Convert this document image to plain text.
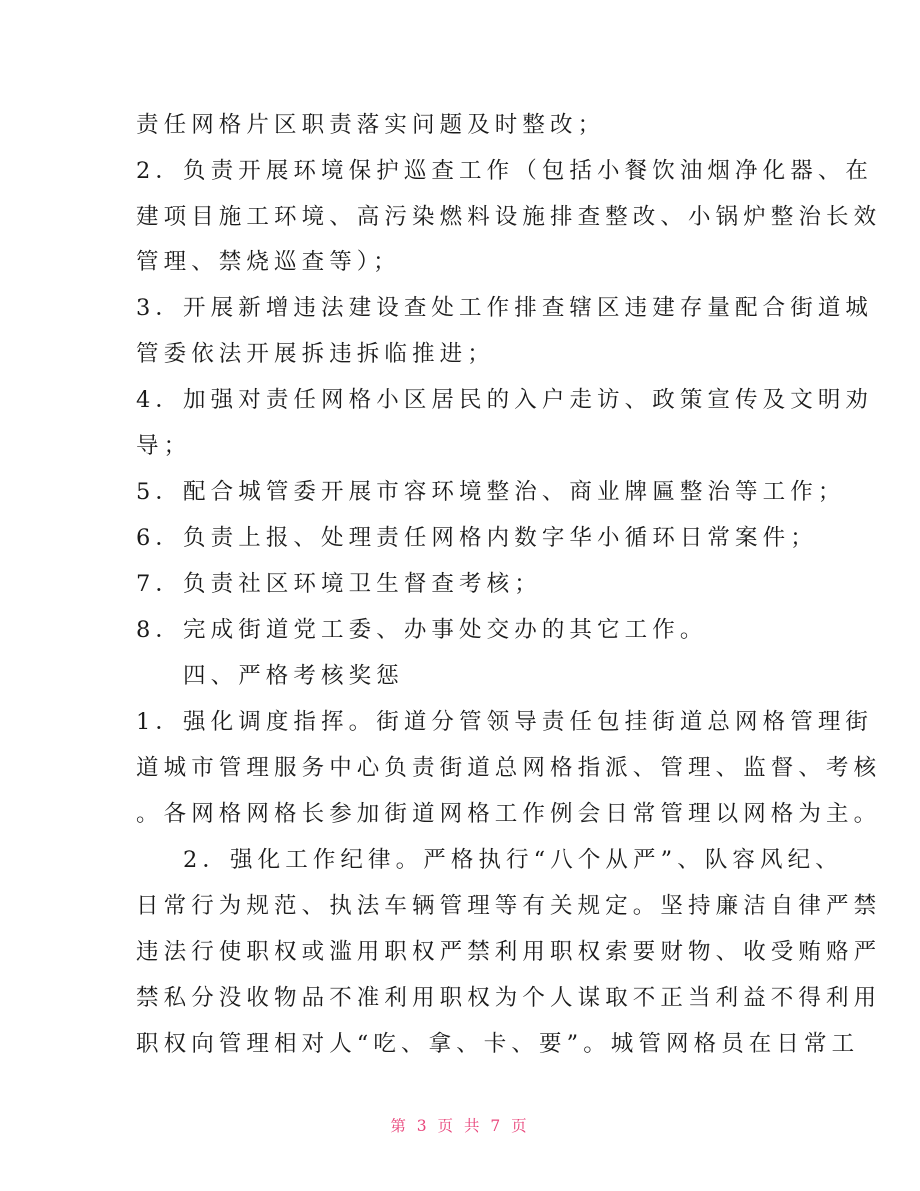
责任网格片区职责落实问题及时整改；
2．负责开展环境保护巡查工作（包括小餐饮油烟净化器、在
建项目施工环境、高污染燃料设施排查整改、小锅炉整治长效
管理、禁烧巡查等）；
3．开展新增违法建设查处工作排查辖区违建存量配合街道城
管委依法开展拆违拆临推进；
4．加强对责任网格小区居民的入户走访、政策宣传及文明劝
导；
5．配合城管委开展市容环境整治、商业牌匾整治等工作；
6．负责上报、处理责任网格内数字华小循环日常案件；
7．负责社区环境卫生督查考核；
8．完成街道党工委、办事处交办的其它工作。
四、严格考核奖惩
1．强化调度指挥。街道分管领导责任包挂街道总网格管理街
道城市管理服务中心负责街道总网格指派、管理、监督、考核
。各网格网格长参加街道网格工作例会日常管理以网格为主。
2．强化工作纪律。严格执行“八个从严”、队容风纪、
日常行为规范、执法车辆管理等有关规定。坚持廉洁自律严禁
违法行使职权或滥用职权严禁利用职权索要财物、收受贿赂严
禁私分没收物品不准利用职权为个人谋取不正当利益不得利用
职权向管理相对人“吃、拿、卡、要”。城管网格员在日常工
第 3 页 共 7 页
